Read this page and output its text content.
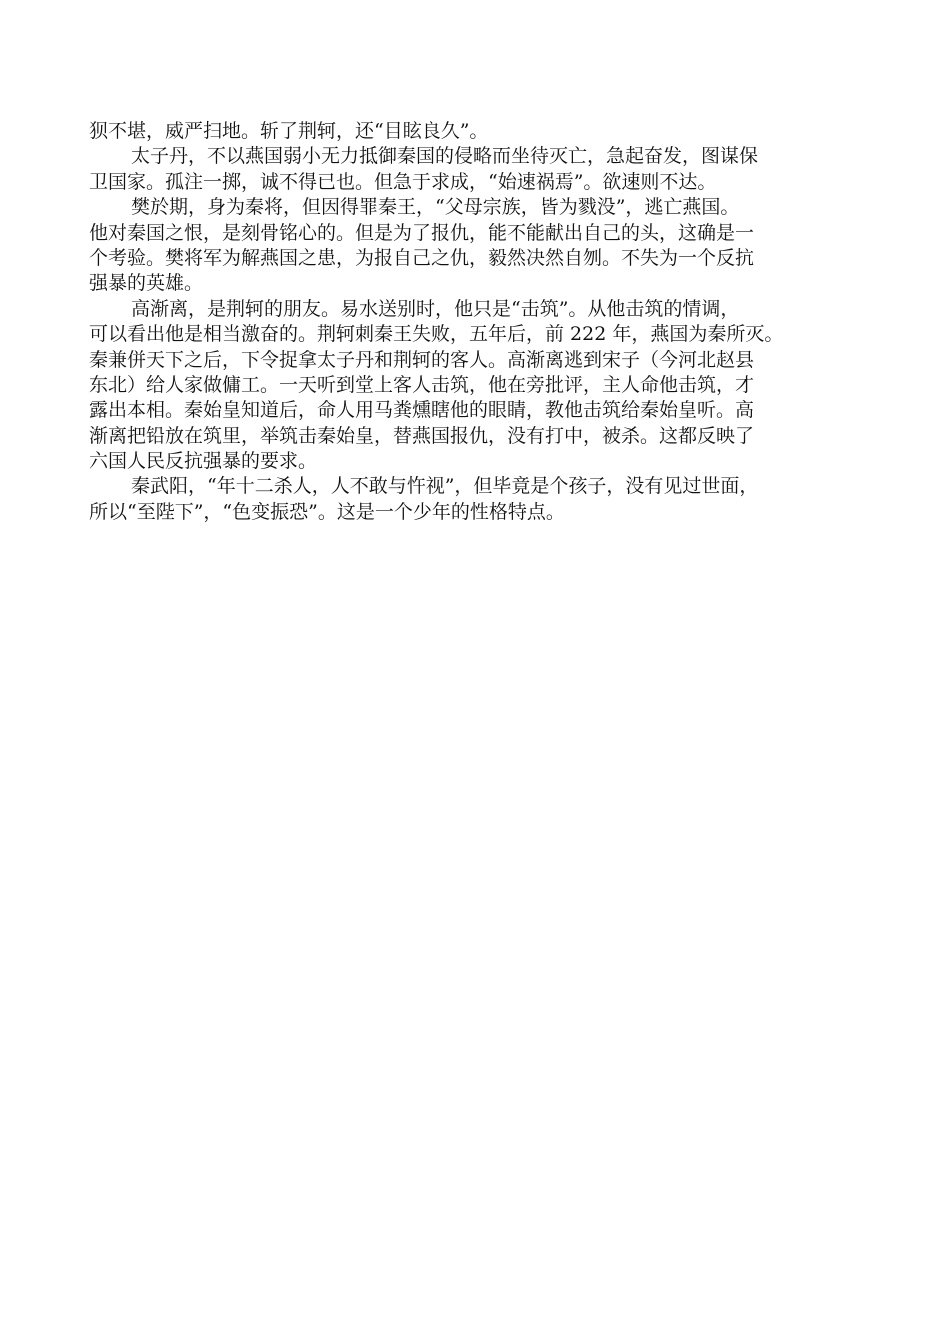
狈不堪，威严扫地。斩了荆轲，还“目眩良久”。
太子丹，不以燕国弱小无力抵御秦国的侵略而坐待灭亡，急起奋发，图谋保
卫国家。孤注一掷，诚不得已也。但急于求成，“始速祸焉”。欲速则不达。
樊於期，身为秦将，但因得罪秦王，“父母宗族，皆为戮没”，逃亡燕国。
他对秦国之恨，是刻骨铭心的。但是为了报仇，能不能献出自己的头，这确是一
个考验。樊将军为解燕国之患，为报自己之仇，毅然决然自刎。不失为一个反抗
强暴的英雄。
高渐离，是荆轲的朋友。易水送别时，他只是“击筑”。从他击筑的情调，
可以看出他是相当激奋的。荆轲刺秦王失败，五年后，前 222 年，燕国为秦所灭。
秦兼併天下之后，下令捉拿太子丹和荆轲的客人。高渐离逃到宋子（今河北赵县
东北）给人家做傭工。一天听到堂上客人击筑，他在旁批评，主人命他击筑，才
露出本相。秦始皇知道后，命人用马粪燻瞎他的眼睛，教他击筑给秦始皇听。高
渐离把铅放在筑里，举筑击秦始皇，替燕国报仇，没有打中，被杀。这都反映了
六国人民反抗强暴的要求。
秦武阳，“年十二杀人，人不敢与忤视”，但毕竟是个孩子，没有见过世面，
所以“至陛下”，“色变振恐”。这是一个少年的性格特点。
